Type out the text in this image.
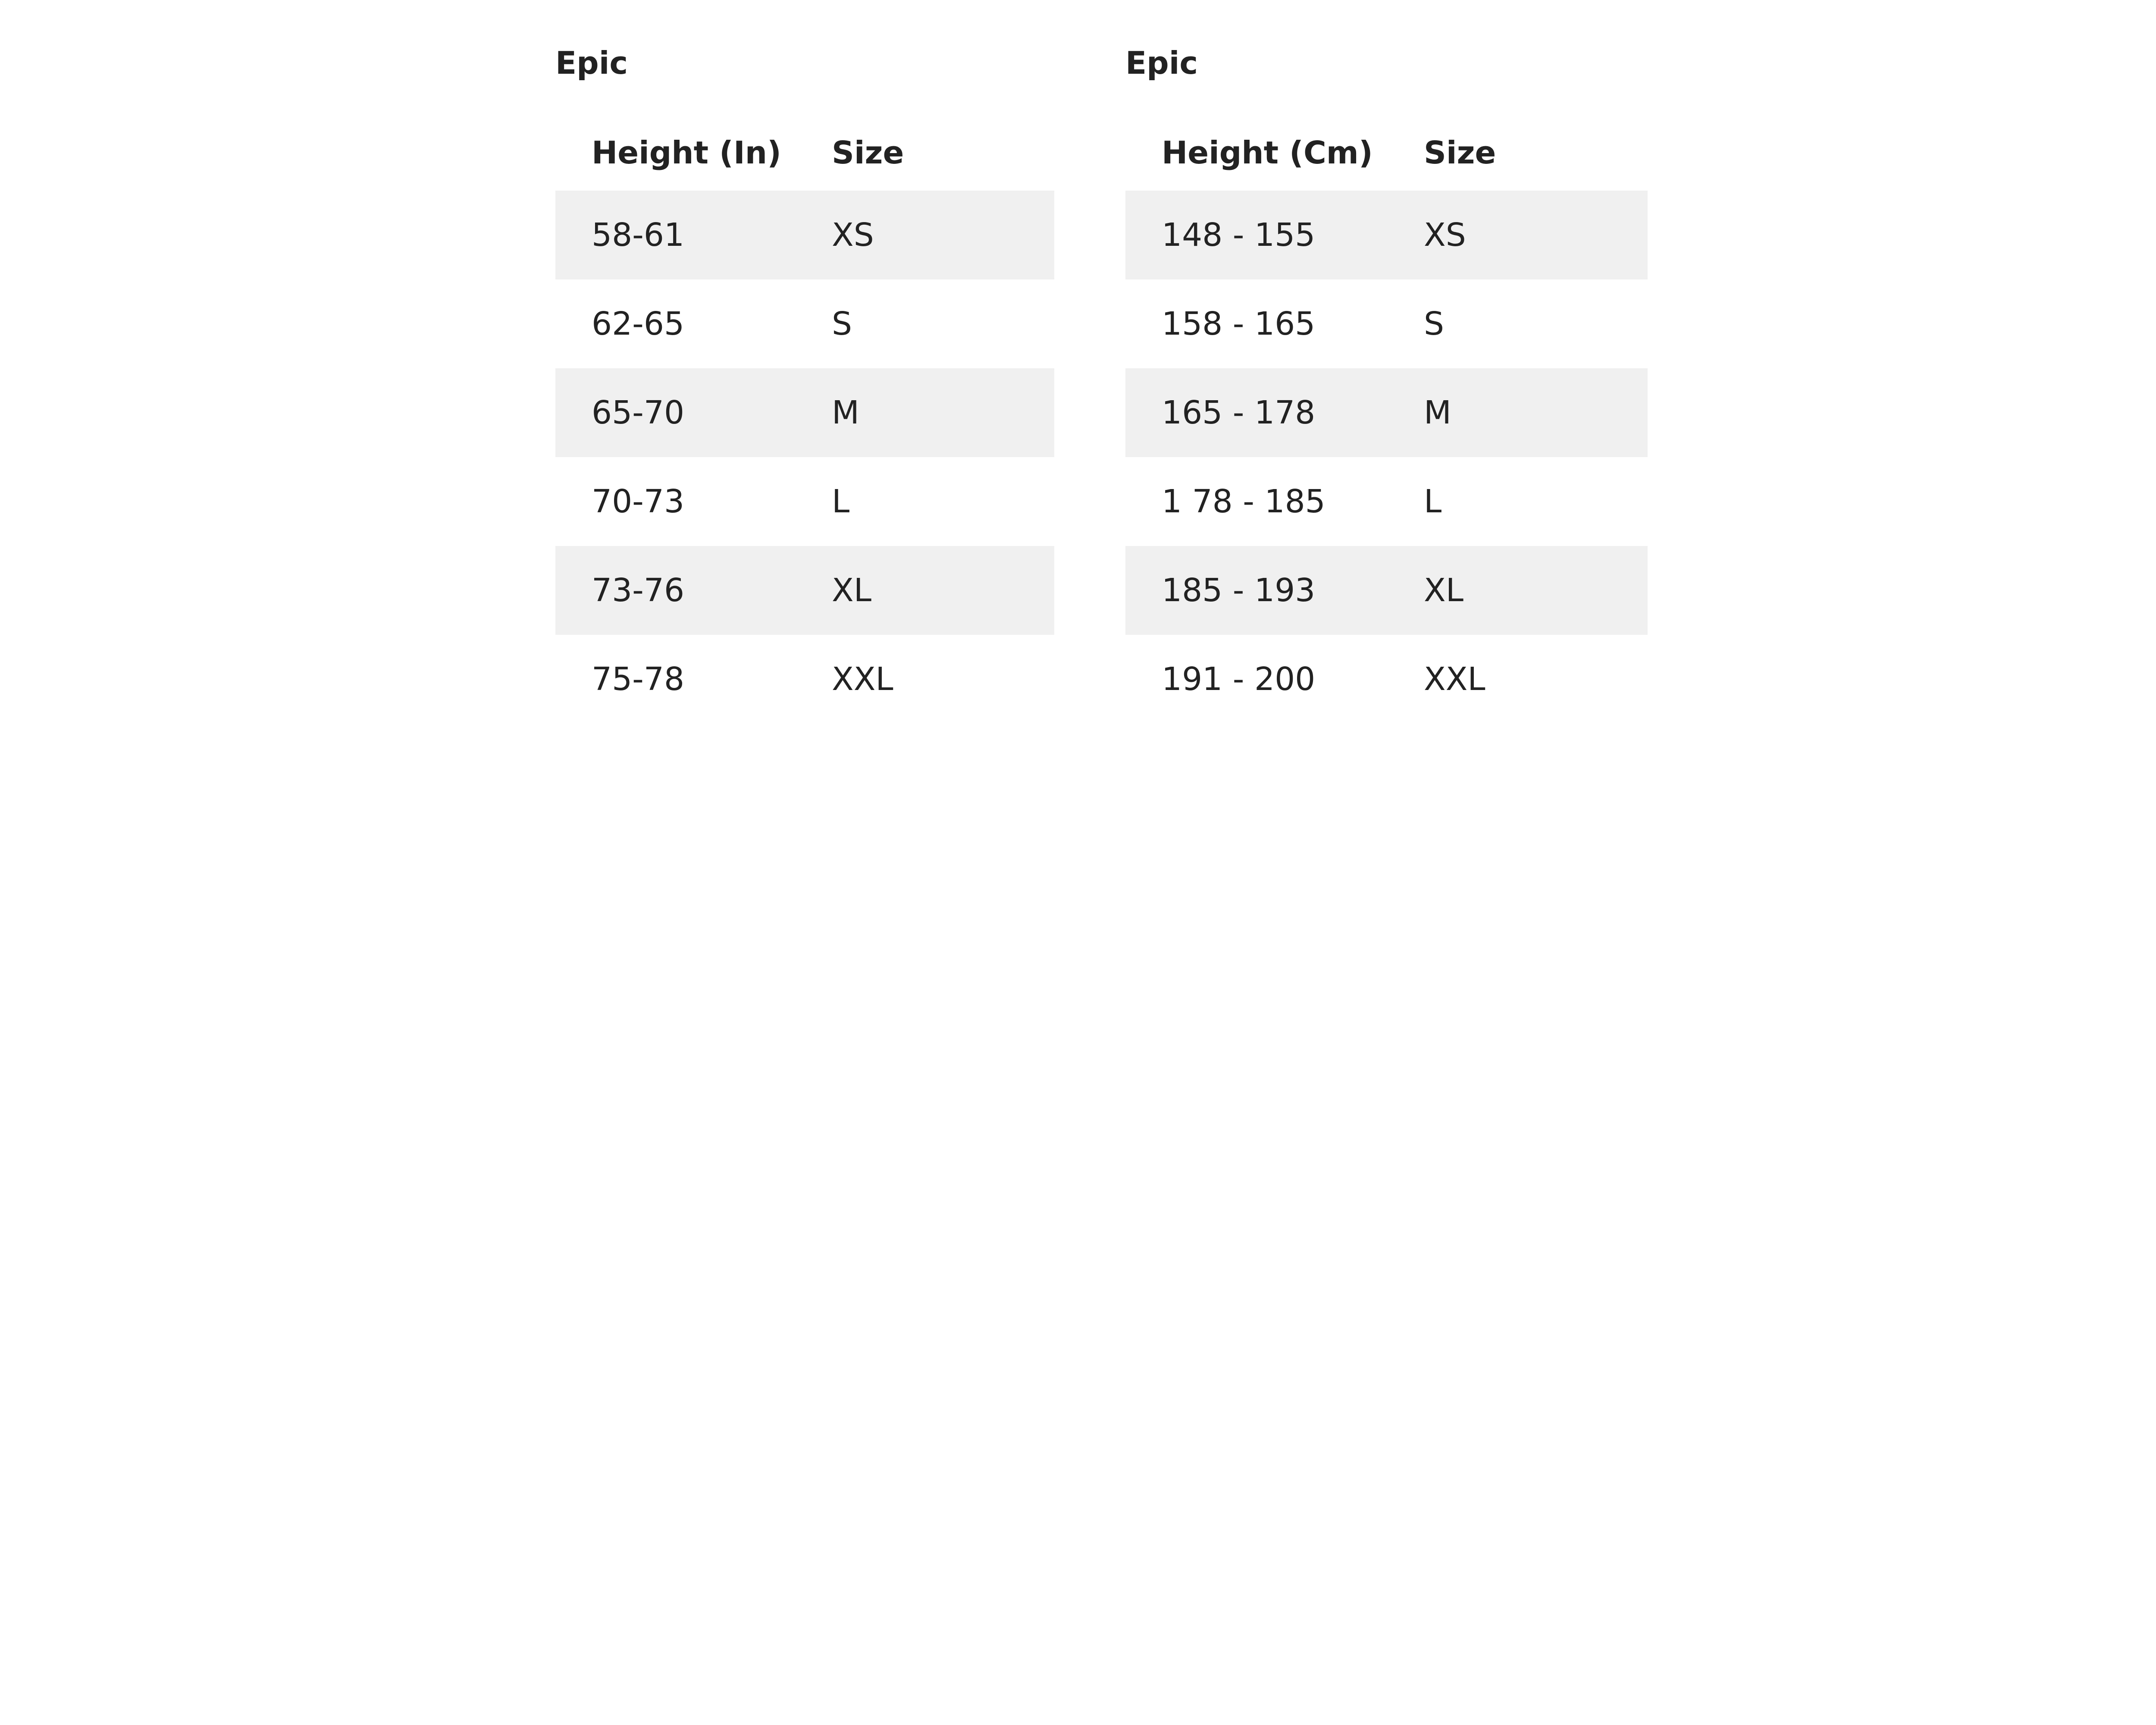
Epic
Height (In)	Size
58-61	XS
62-65	S
65-70	M
70-73	L
73-76	XL
75-78	XXL
Epic
Height (Cm)	Size
148 - 155	XS
158 - 165	S
165 - 178	M
1 78 - 185	L
185 - 193	XL
191 - 200	XXL
